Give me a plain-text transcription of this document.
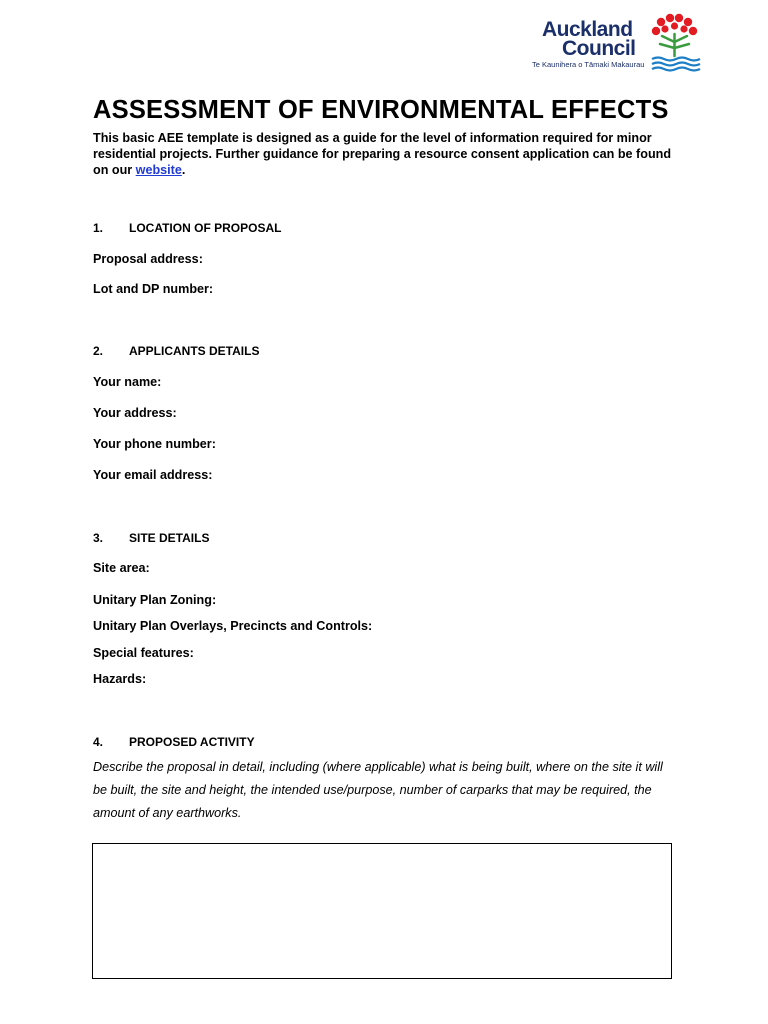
Auckland
Council
Te Kaunihera o Tāmaki Makaurau
ASSESSMENT OF ENVIRONMENTAL EFFECTS
This basic AEE template is designed as a guide for the level of information required for minor residential projects. Further guidance for preparing a resource consent application can be found on our website.
1. LOCATION OF PROPOSAL
Proposal address:
Lot and DP number:
2. APPLICANTS DETAILS
Your name:
Your address:
Your phone number:
Your email address:
3. SITE DETAILS
Site area:
Unitary Plan Zoning:
Unitary Plan Overlays, Precincts and Controls:
Special features:
Hazards:
4. PROPOSED ACTIVITY
Describe the proposal in detail, including (where applicable) what is being built, where on the site it will be built, the site and height, the intended use/purpose, number of carparks that may be required, the amount of any earthworks.
